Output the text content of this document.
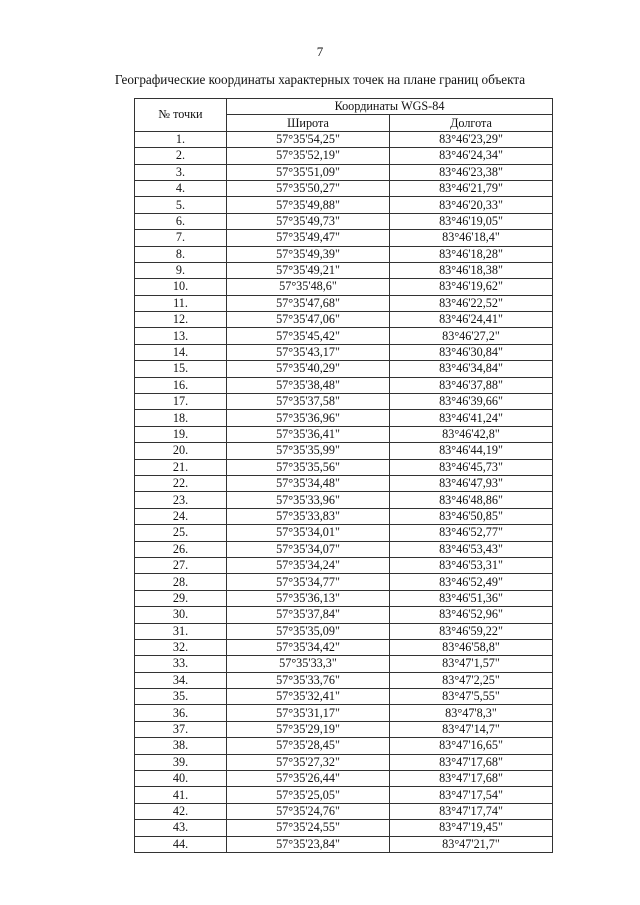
7
Географические координаты характерных точек на плане границ объекта
№ точки	Координаты WGS-84	
	Широта	Долгота
1.	57°35'54,25"	83°46'23,29"
2.	57°35'52,19"	83°46'24,34"
3.	57°35'51,09"	83°46'23,38"
4.	57°35'50,27"	83°46'21,79"
5.	57°35'49,88"	83°46'20,33"
6.	57°35'49,73"	83°46'19,05"
7.	57°35'49,47"	83°46'18,4"
8.	57°35'49,39"	83°46'18,28"
9.	57°35'49,21"	83°46'18,38"
10.	57°35'48,6"	83°46'19,62"
11.	57°35'47,68"	83°46'22,52"
12.	57°35'47,06"	83°46'24,41"
13.	57°35'45,42"	83°46'27,2"
14.	57°35'43,17"	83°46'30,84"
15.	57°35'40,29"	83°46'34,84"
16.	57°35'38,48"	83°46'37,88"
17.	57°35'37,58"	83°46'39,66"
18.	57°35'36,96"	83°46'41,24"
19.	57°35'36,41"	83°46'42,8"
20.	57°35'35,99"	83°46'44,19"
21.	57°35'35,56"	83°46'45,73"
22.	57°35'34,48"	83°46'47,93"
23.	57°35'33,96"	83°46'48,86"
24.	57°35'33,83"	83°46'50,85"
25.	57°35'34,01"	83°46'52,77"
26.	57°35'34,07"	83°46'53,43"
27.	57°35'34,24"	83°46'53,31"
28.	57°35'34,77"	83°46'52,49"
29.	57°35'36,13"	83°46'51,36"
30.	57°35'37,84"	83°46'52,96"
31.	57°35'35,09"	83°46'59,22"
32.	57°35'34,42"	83°46'58,8"
33.	57°35'33,3"	83°47'1,57"
34.	57°35'33,76"	83°47'2,25"
35.	57°35'32,41"	83°47'5,55"
36.	57°35'31,17"	83°47'8,3"
37.	57°35'29,19"	83°47'14,7"
38.	57°35'28,45"	83°47'16,65"
39.	57°35'27,32"	83°47'17,68"
40.	57°35'26,44"	83°47'17,68"
41.	57°35'25,05"	83°47'17,54"
42.	57°35'24,76"	83°47'17,74"
43.	57°35'24,55"	83°47'19,45"
44.	57°35'23,84"	83°47'21,7"
